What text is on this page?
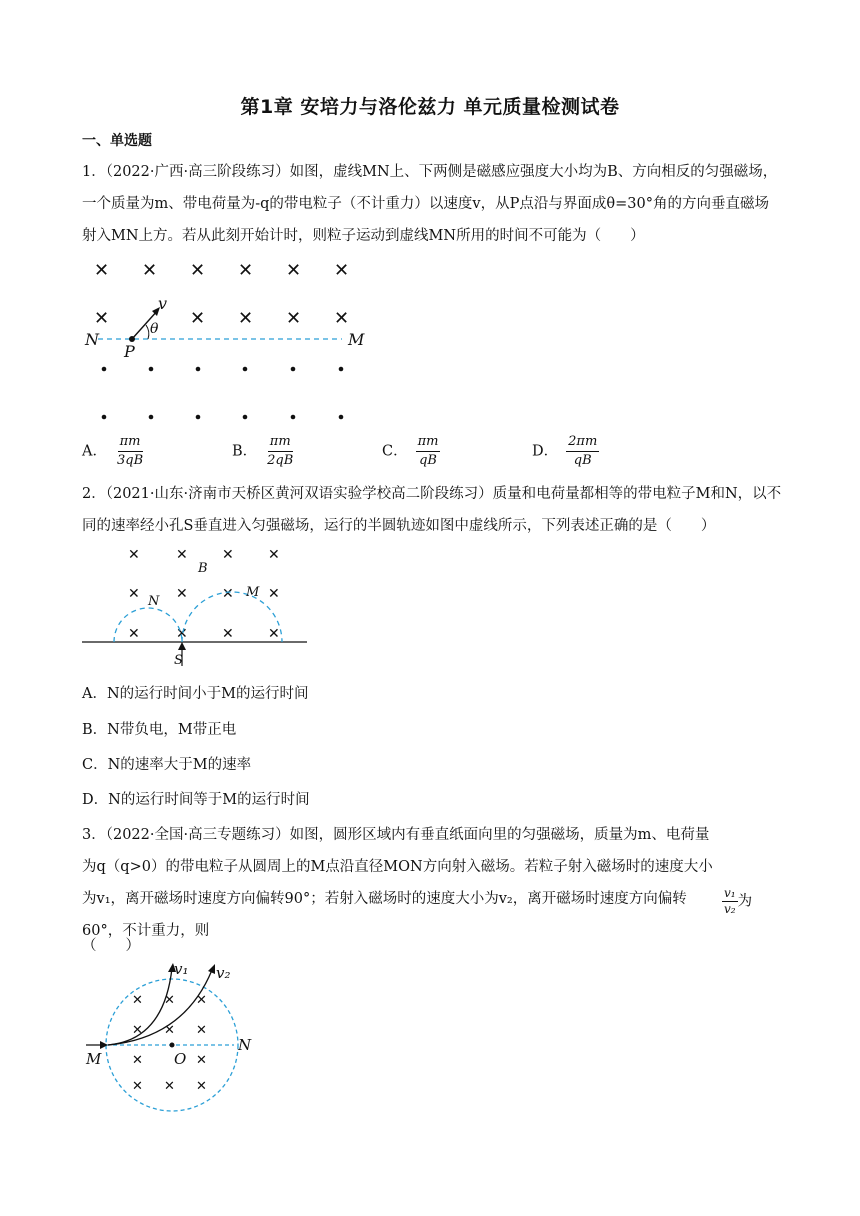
第1章 安培力与洛伦兹力 单元质量检测试卷
一、单选题
1．（2022·广西·高三阶段练习）如图，虚线MN上、下两侧是磁感应强度大小均为B、方向相反的匀强磁场，一个质量为m、带电荷量为-q的带电粒子（不计重力）以速度v，从P点沿与界面成θ=30°角的方向垂直磁场射入MN上方。若从此刻开始计时，则粒子运动到虚线MN所用的时间不可能为（　　）
✕ ✕ ✕ ✕ ✕ ✕
✕	✕ ✕ ✕ ✕
N	M
P
v
θ
A． $\frac{\pi m}{3qB}$	B． $\frac{\pi m}{2qB}$	C． $\frac{\pi m}{qB}$	D． $\frac{2\pi m}{qB}$
2．（2021·山东·济南市天桥区黄河双语实验学校高二阶段练习）质量和电荷量都相等的带电粒子M和N，以不同的速率经小孔S垂直进入匀强磁场，运行的半圆轨迹如图中虚线所示，下列表述正确的是（　　）
✕	✕ ✕ ✕
✕	✕ ✕ ✕
✕	✕ ✕ ✕
B
N
M
S
A．N的运行时间小于M的运行时间
B．N带负电，M带正电
C．N的速率大于M的速率
D．N的运行时间等于M的运行时间
3．（2022·全国·高三专题练习）如图，圆形区域内有垂直纸面向里的匀强磁场，质量为m、电荷量为q（q>0）的带电粒子从圆周上的M点沿直径MON方向射入磁场。若粒子射入磁场时的速度大小为v₁，离开磁场时速度方向偏转90°；若射入磁场时的速度大小为v₂，离开磁场时速度方向偏转60°，不计重力，则
$\frac{\text{v₁}}{\text{v₂}}$ 为
（　　）
✕ ✕ ✕
✕ ✕ ✕
✕	✕
✕ ✕ ✕
M
N
O
v₁ v₂
